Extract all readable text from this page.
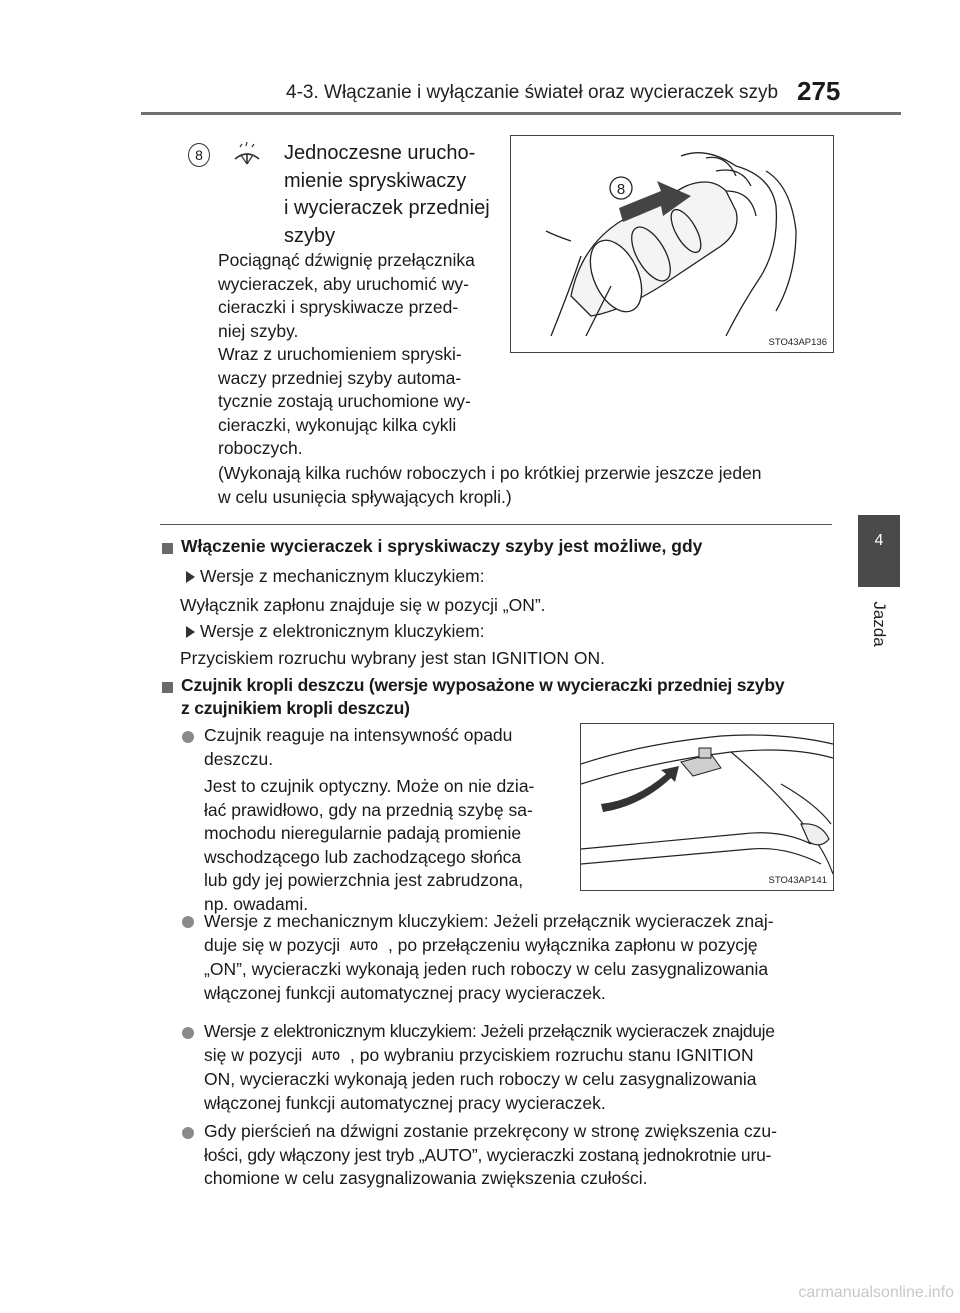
4-3. Włączanie i wyłączanie świateł oraz wycieraczek szyb 275
4
Jazda
8	Jednoczesne urucho-
mienie spryskiwaczy
i wycieraczek przedniej
szyby
Pociągnąć dźwignię przełącznika
wycieraczek, aby uruchomić wy-
cieraczki i spryskiwacze przed-
niej szyby.
Wraz z uruchomieniem spryski-
waczy przedniej szyby automa-
tycznie zostają uruchomione wy-
cieraczki, wykonując kilka cykli
roboczych.
8
STO43AP136
(Wykonają kilka ruchów roboczych i po krótkiej przerwie jeszcze jeden
w celu usunięcia spływających kropli.)
Włączenie wycieraczek i spryskiwaczy szyby jest możliwe, gdy
Wersje z mechanicznym kluczykiem:
Wyłącznik zapłonu znajduje się w pozycji „ON”.
Wersje z elektronicznym kluczykiem:
Przyciskiem rozruchu wybrany jest stan IGNITION ON.
Czujnik kropli deszczu (wersje wyposażone w wycieraczki przedniej szyby
z czujnikiem kropli deszczu)
Czujnik reaguje na intensywność opadu
deszczu.
Jest to czujnik optyczny. Może on nie dzia-
łać prawidłowo, gdy na przednią szybę sa-
mochodu nieregularnie padają promienie
wschodzącego lub zachodzącego słońca
lub gdy jej powierzchnia jest zabrudzona,
np. owadami.
STO43AP141
Wersje z mechanicznym kluczykiem: Jeżeli przełącznik wycieraczek znaj-
duje się w pozycji AUTO , po przełączeniu wyłącznika zapłonu w pozycję
„ON”, wycieraczki wykonają jeden ruch roboczy w celu zasygnalizowania
włączonej funkcji automatycznej pracy wycieraczek.
Wersje z elektronicznym kluczykiem: Jeżeli przełącznik wycieraczek znajduje
się w pozycji AUTO , po wybraniu przyciskiem rozruchu stanu IGNITION
ON, wycieraczki wykonają jeden ruch roboczy w celu zasygnalizowania
włączonej funkcji automatycznej pracy wycieraczek.
Gdy pierścień na dźwigni zostanie przekręcony w stronę zwiększenia czu-
łości, gdy włączony jest tryb „AUTO”, wycieraczki zostaną jednokrotnie uru-
chomione w celu zasygnalizowania zwiększenia czułości.
carmanualsonline.info
